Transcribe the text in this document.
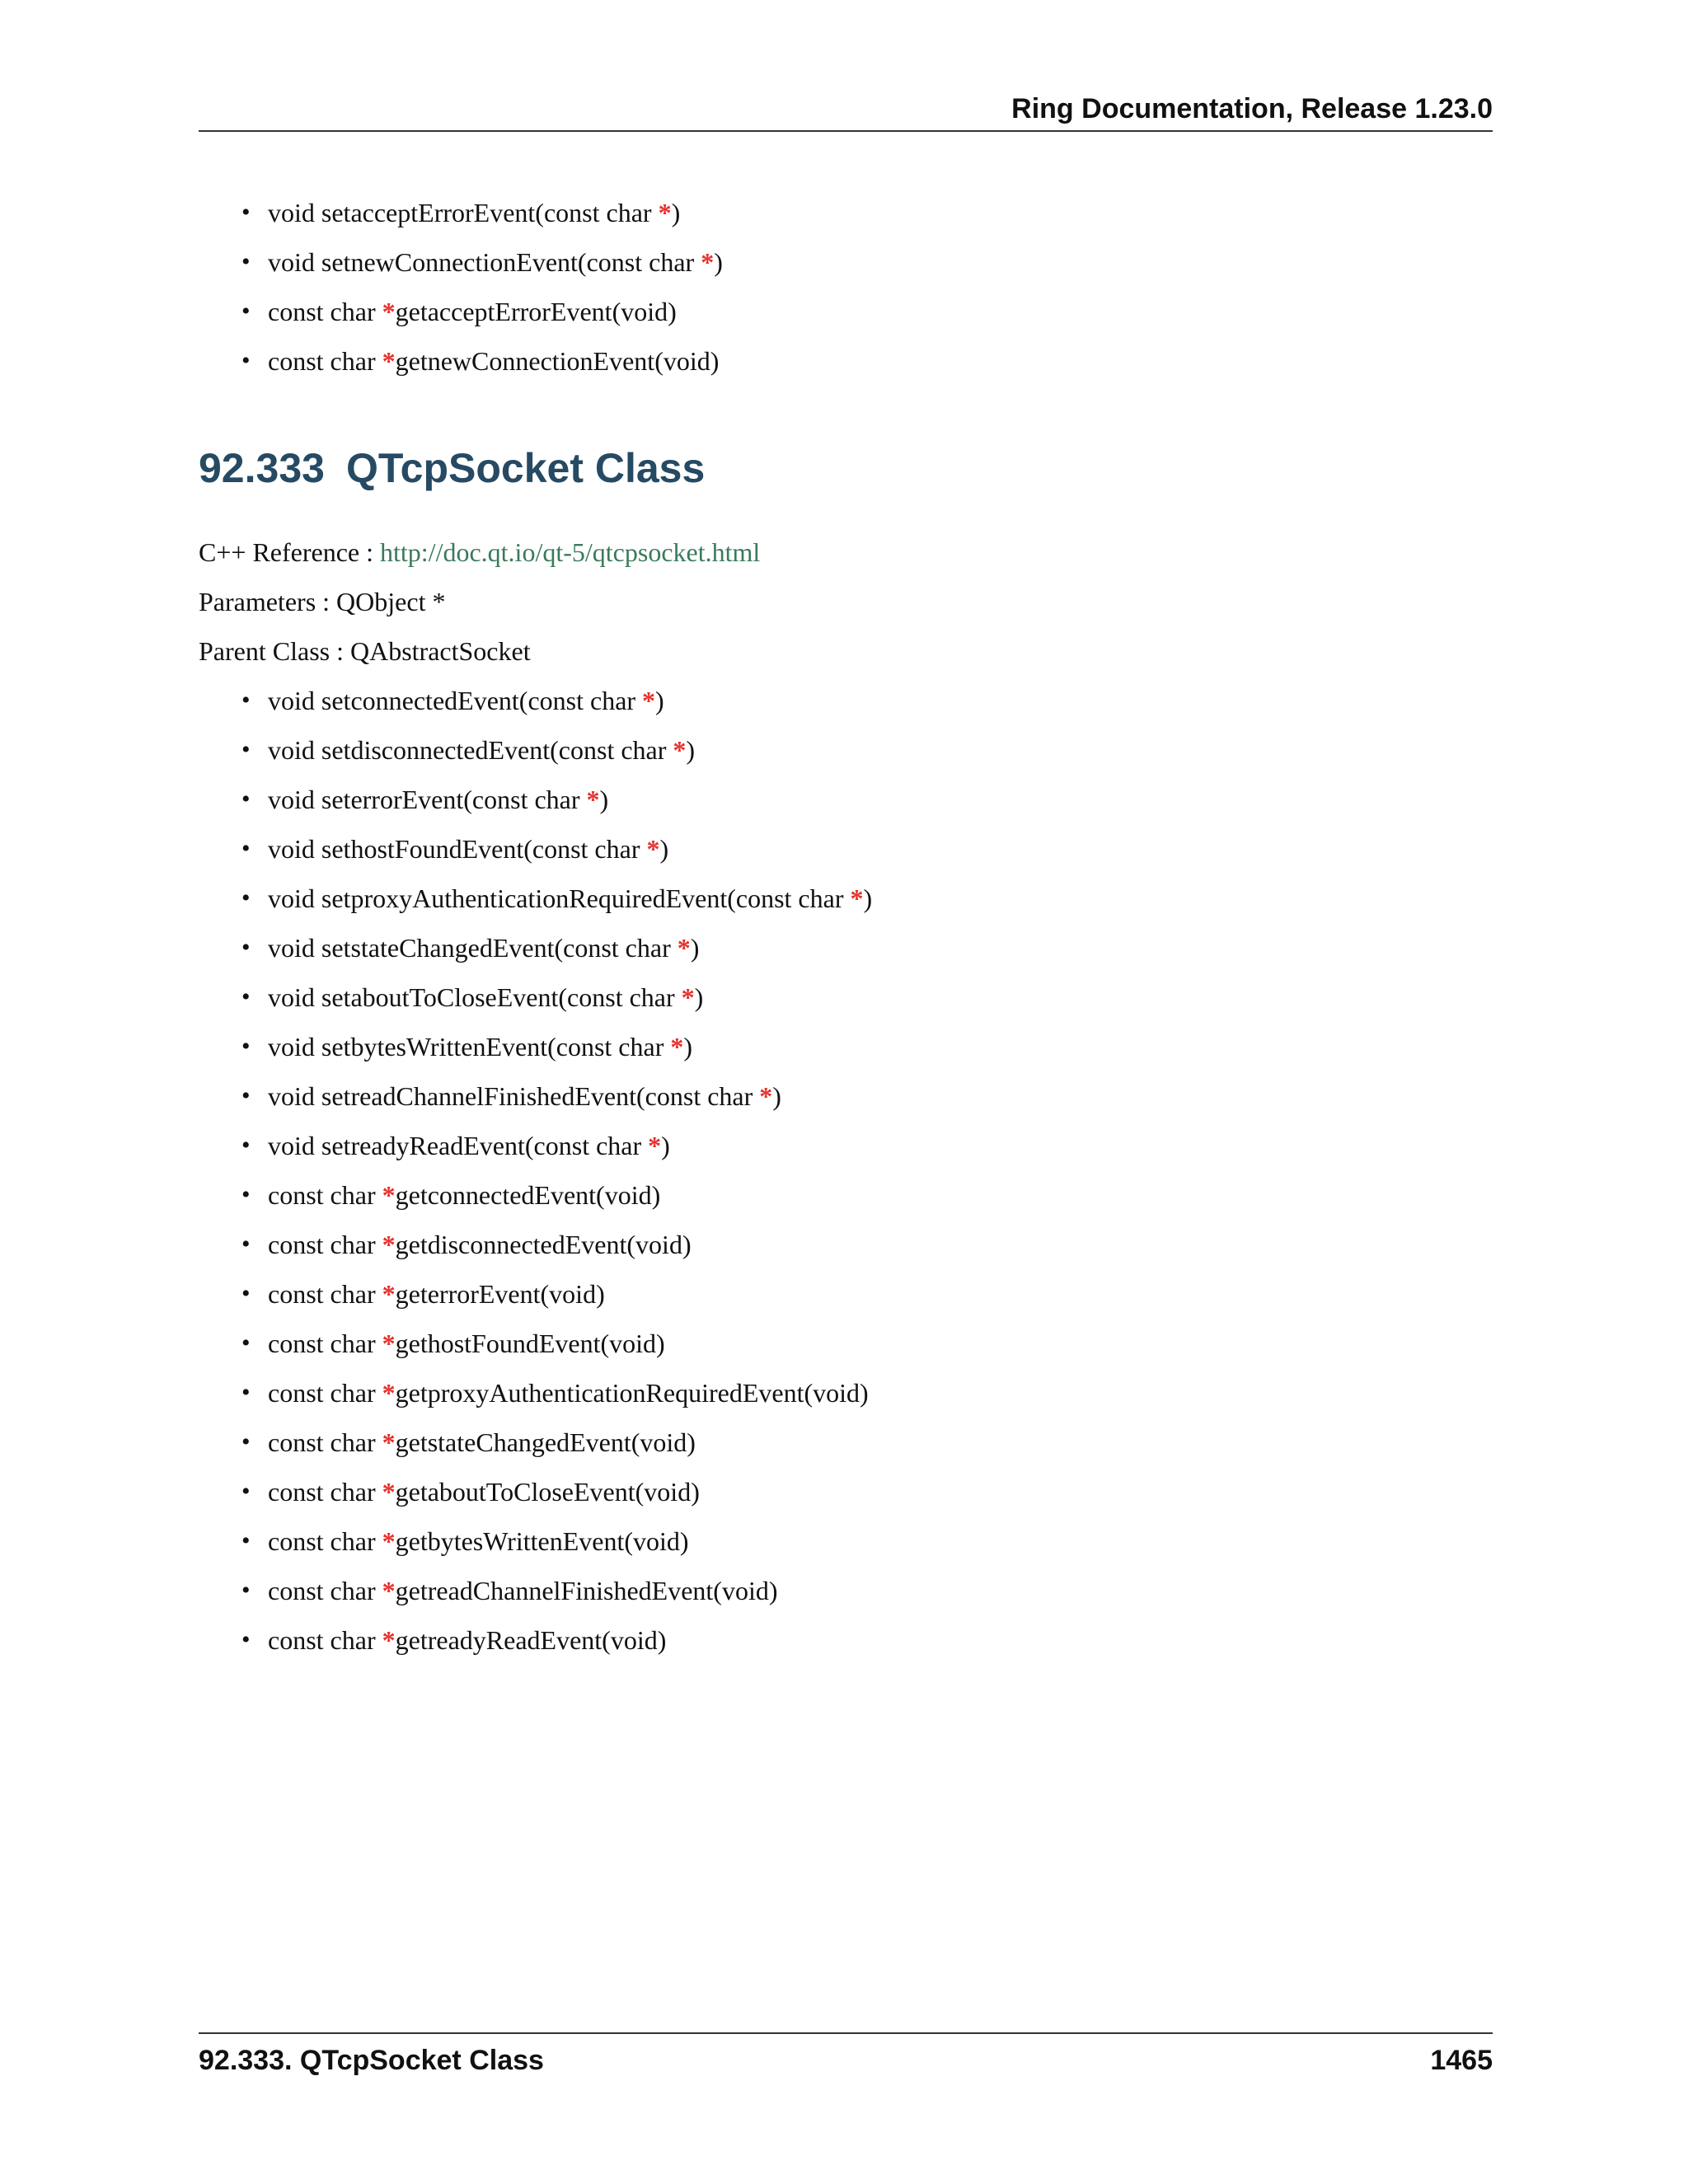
Ring Documentation, Release 1.23.0
• void setacceptErrorEvent(const char *)
• void setnewConnectionEvent(const char *)
• const char *getacceptErrorEvent(void)
• const char *getnewConnectionEvent(void)
92.333 QTcpSocket Class
C++ Reference : http://doc.qt.io/qt-5/qtcpsocket.html
Parameters : QObject *
Parent Class : QAbstractSocket
• void setconnectedEvent(const char *)
• void setdisconnectedEvent(const char *)
• void seterrorEvent(const char *)
• void sethostFoundEvent(const char *)
• void setproxyAuthenticationRequiredEvent(const char *)
• void setstateChangedEvent(const char *)
• void setaboutToCloseEvent(const char *)
• void setbytesWrittenEvent(const char *)
• void setreadChannelFinishedEvent(const char *)
• void setreadyReadEvent(const char *)
• const char *getconnectedEvent(void)
• const char *getdisconnectedEvent(void)
• const char *geterrorEvent(void)
• const char *gethostFoundEvent(void)
• const char *getproxyAuthenticationRequiredEvent(void)
• const char *getstateChangedEvent(void)
• const char *getaboutToCloseEvent(void)
• const char *getbytesWrittenEvent(void)
• const char *getreadChannelFinishedEvent(void)
• const char *getreadyReadEvent(void)
92.333. QTcpSocket Class	1465
